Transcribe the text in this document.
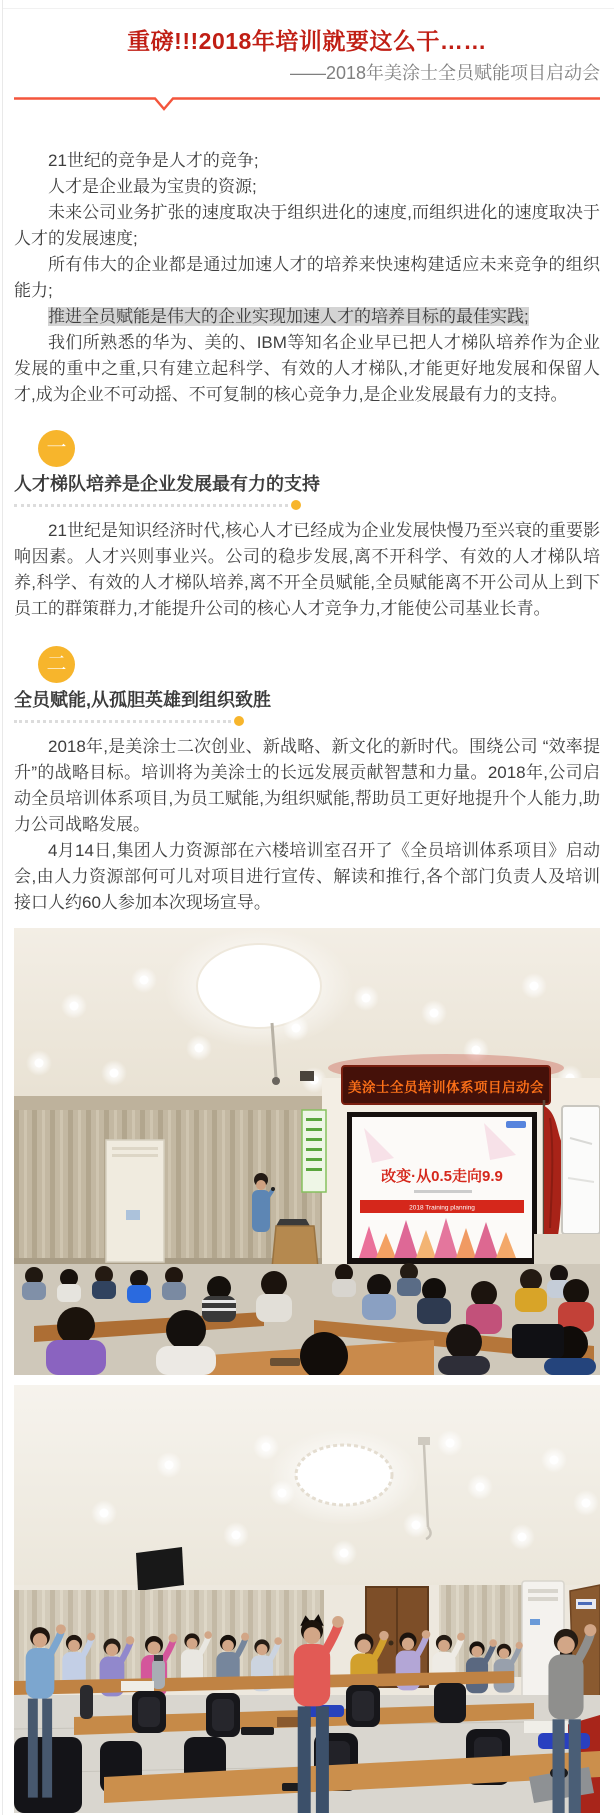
重磅!!!2018年培训就要这么干……
——2018年美涂士全员赋能项目启动会

21世纪的竞争是人才的竞争;

人才是企业最为宝贵的资源;

未来公司业务扩张的速度取决于组织进化的速度,而组织进化的速度取决于人才的发展速度;

所有伟大的企业都是通过加速人才的培养来快速构建适应未来竞争的组织能力;

推进全员赋能是伟大的企业实现加速人才的培养目标的最佳实践;

我们所熟悉的华为、美的、IBM等知名企业早已把人才梯队培养作为企业发展的重中之重,只有建立起科学、有效的人才梯队,才能更好地发展和保留人才,成为企业不可动摇、不可复制的核心竞争力,是企业发展最有力的支持。

一
人才梯队培养是企业发展最有力的支持

21世纪是知识经济时代,核心人才已经成为企业发展快慢乃至兴衰的重要影响因素。人才兴则事业兴。公司的稳步发展,离不开科学、有效的人才梯队培养,科学、有效的人才梯队培养,离不开全员赋能,全员赋能离不开公司从上到下员工的群策群力,才能提升公司的核心人才竞争力,才能使公司基业长青。

二
全员赋能,从孤胆英雄到组织致胜

2018年,是美涂士二次创业、新战略、新文化的新时代。围绕公司 “效率提升”的战略目标。培训将为美涂士的长远发展贡献智慧和力量。2018年,公司启动全员培训体系项目,为员工赋能,为组织赋能,帮助员工更好地提升个人能力,助力公司战略发展。

4月14日,集团人力资源部在六楼培训室召开了《全员培训体系项目》启动会,由人力资源部何可儿对项目进行宣传、解读和推行,各个部门负责人及培训接口人约60人参加本次现场宣导。

美涂士全员培训体系项目启动会
改变·从0.5走向9.9
2018 Training planning
